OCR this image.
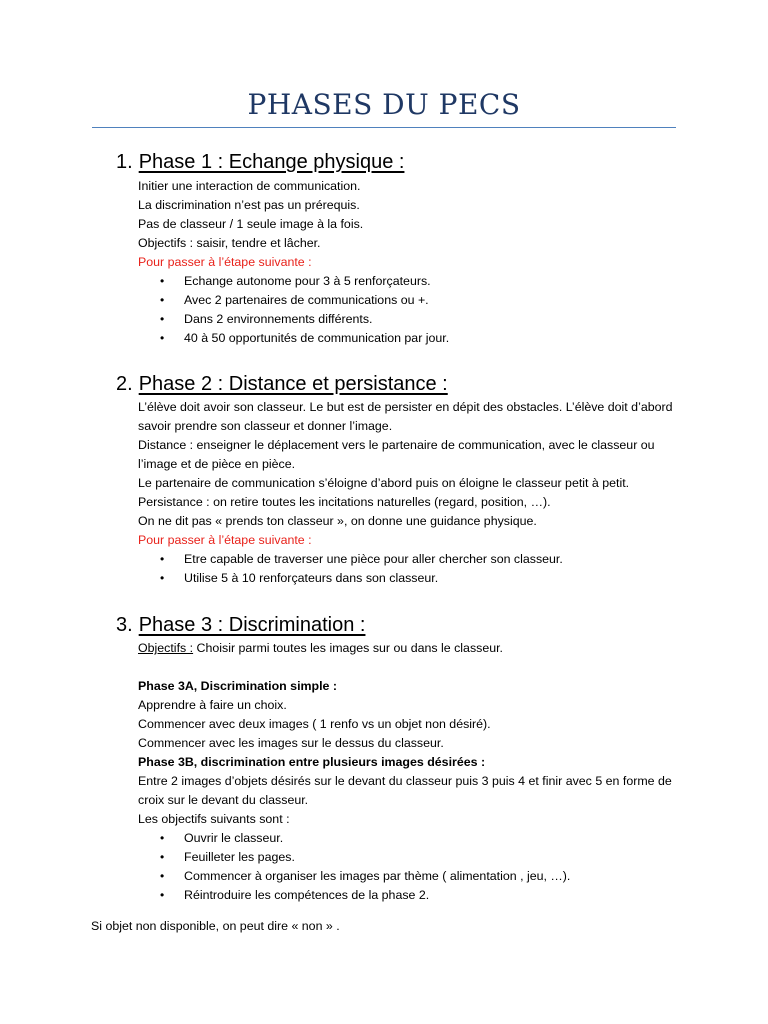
PHASES DU PECS
1. Phase 1 : Echange physique :
Initier une interaction de communication.
La discrimination n’est pas un prérequis.
Pas de classeur / 1 seule image à la fois.
Objectifs : saisir, tendre et lâcher.
Pour passer à l’étape suivante :
• Echange autonome pour 3 à 5 renforçateurs.
• Avec 2 partenaires de communications ou +.
• Dans 2 environnements différents.
• 40 à 50 opportunités de communication par jour.
2. Phase 2 : Distance et persistance :
L’élève doit avoir son classeur. Le but est de persister en dépit des obstacles. L’élève doit d’abord savoir prendre son classeur et donner l’image.
Distance : enseigner le déplacement vers le partenaire de communication, avec le classeur ou l’image et de pièce en pièce.
Le partenaire de communication s’éloigne d’abord puis on éloigne le classeur petit à petit.
Persistance : on retire toutes les incitations naturelles (regard, position, …).
On ne dit pas « prends ton classeur », on donne une guidance physique.
Pour passer à l’étape suivante :
• Etre capable de traverser une pièce pour aller chercher son classeur.
• Utilise 5 à 10 renforçateurs dans son classeur.
3. Phase 3 : Discrimination :
Objectifs : Choisir parmi toutes les images sur ou dans le classeur.
Phase 3A, Discrimination simple :
Apprendre à faire un choix.
Commencer avec deux images ( 1 renfo vs un objet non désiré).
Commencer avec les images sur le dessus du classeur.
Phase 3B, discrimination entre plusieurs images désirées :
Entre 2 images d’objets désirés sur le devant du classeur puis 3 puis 4 et finir avec 5 en forme de croix sur le devant du classeur.
Les objectifs suivants sont :
• Ouvrir le classeur.
• Feuilleter les pages.
• Commencer à organiser les images par thème ( alimentation , jeu, …).
• Réintroduire les compétences de la phase 2.
Si objet non disponible, on peut dire « non » .
